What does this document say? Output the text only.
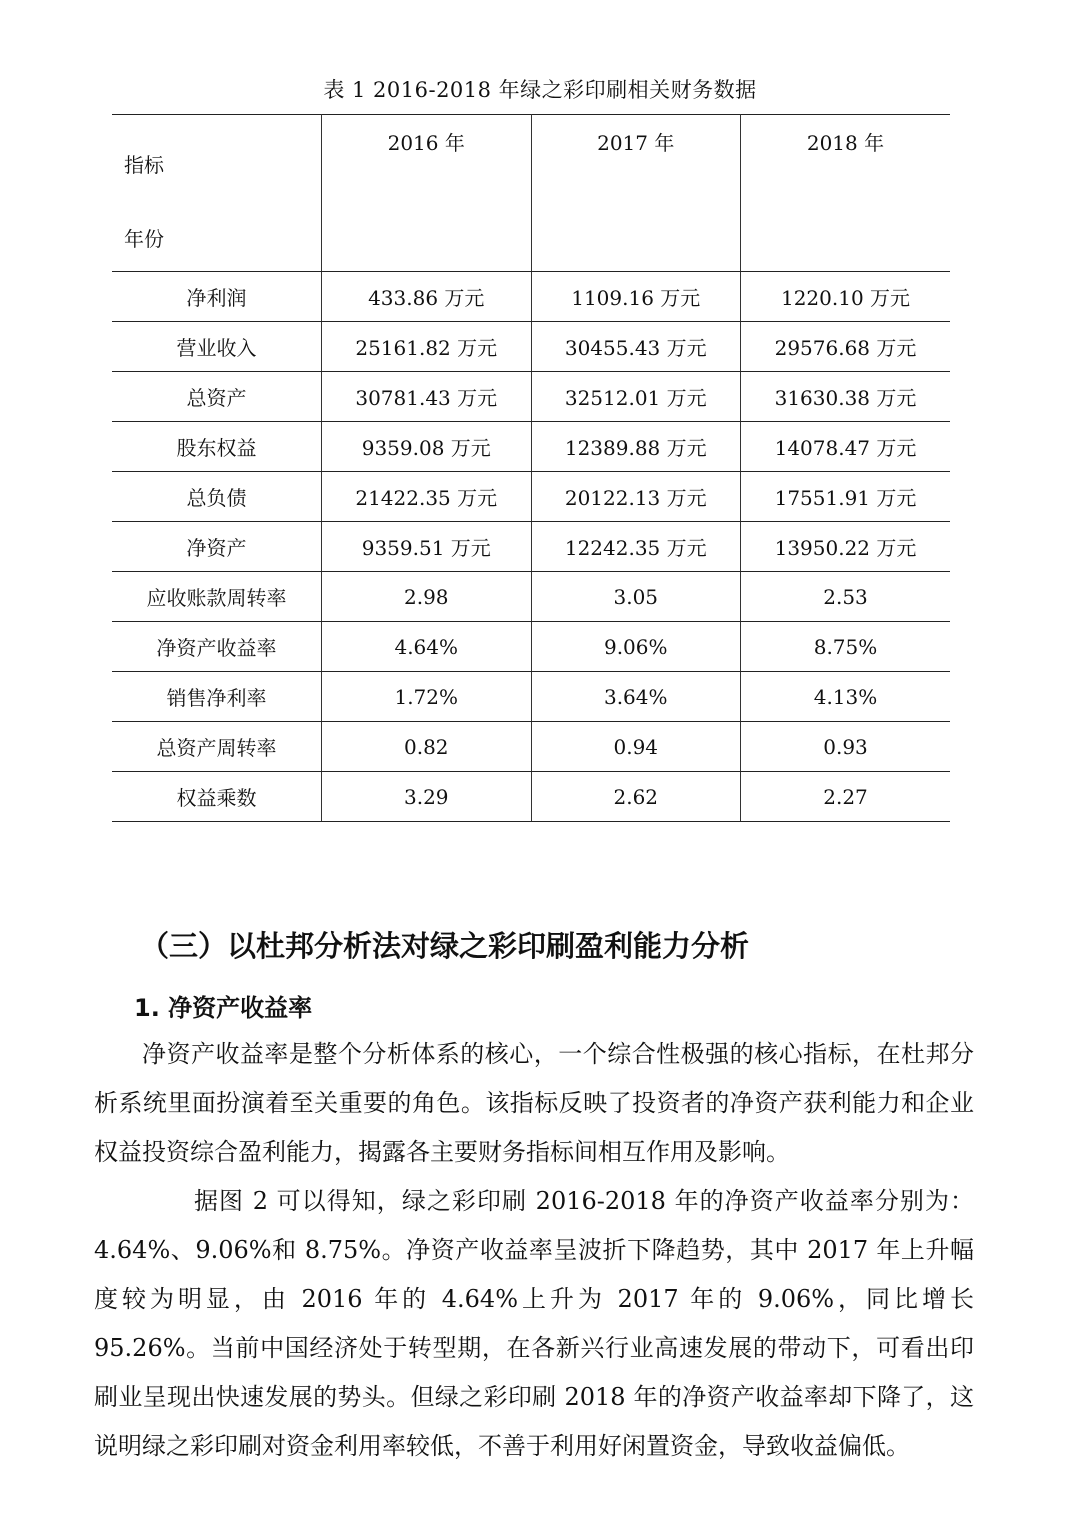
表 1 2016-2018 年绿之彩印刷相关财务数据
指标
年份	2016 年	2017 年	2018 年
净利润	433.86 万元	1109.16 万元	1220.10 万元
营业收入	25161.82 万元	30455.43 万元	29576.68 万元
总资产	30781.43 万元	32512.01 万元	31630.38 万元
股东权益	9359.08 万元	12389.88 万元	14078.47 万元
总负债	21422.35 万元	20122.13 万元	17551.91 万元
净资产	9359.51 万元	12242.35 万元	13950.22 万元
应收账款周转率	2.98	3.05	2.53
净资产收益率	4.64%	9.06%	8.75%
销售净利率	1.72%	3.64%	4.13%
总资产周转率	0.82	0.94	0.93
权益乘数	3.29	2.62	2.27
（三）以杜邦分析法对绿之彩印刷盈利能力分析
1. 净资产收益率

净资产收益率是整个分析体系的核心，一个综合性极强的核心指标，在杜邦分析系统里面扮演着至关重要的角色。该指标反映了投资者的净资产获利能力和企业权益投资综合盈利能力，揭露各主要财务指标间相互作用及影响。

据图 2 可以得知，绿之彩印刷 2016-2018 年的净资产收益率分别为：4.64%、9.06%和 8.75%。净资产收益率呈波折下降趋势，其中 2017 年上升幅度较为明显，由 2016 年的 4.64%上升为 2017 年的 9.06%，同比增长 95.26%。当前中国经济处于转型期，在各新兴行业高速发展的带动下，可看出印刷业呈现出快速发展的势头。但绿之彩印刷 2018 年的净资产收益率却下降了，这说明绿之彩印刷对资金利用率较低，不善于利用好闲置资金，导致收益偏低。
